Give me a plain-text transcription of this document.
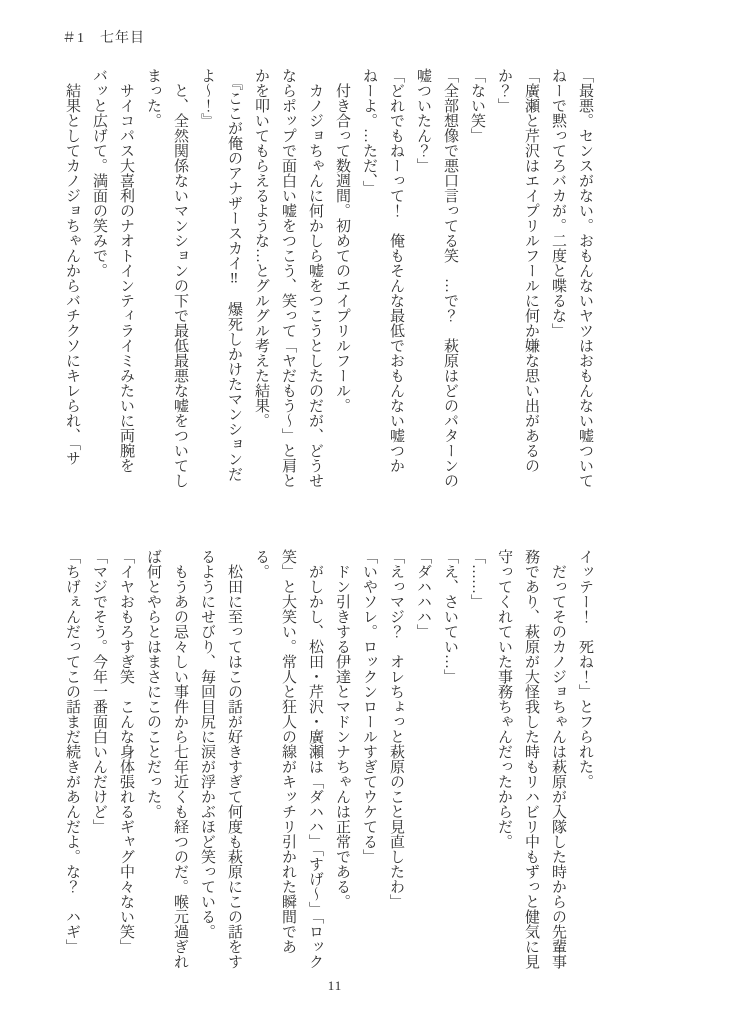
＃1　七年目

「最悪。センスがない。おもんないヤツはおもんない嘘ついてねーで黙ってろバカが。二度と喋るな」

「廣瀬と芹沢はエイプリルフールに何か嫌な思い出があるのか？」

「ない笑」

「全部想像で悪口言ってる笑　…で？　萩原はどのパターンの嘘ついたん？」

「どれでもねーって！　俺もそんな最低でおもんない嘘つかねーよ。…ただ、」

　付き合って数週間。初めてのエイプリルフール。

　カノジョちゃんに何かしら嘘をつこうとしたのだが、どうせならポップで面白い嘘をつこう、笑って「ヤだもう～」と肩とかを叩いてもらえるような…とグルグル考えた結果。

　『ここが俺のアナザースカイ‼　爆死しかけたマンションだよ～！』

　と、全然関係ないマンションの下で最低最悪な嘘をついてしまった。

　サイコパス大喜利のナオトインティライミみたいに両腕をバッと広げて。満面の笑みで。

　結果としてカノジョちゃんからバチクソにキレられ、「サ

イッテー！　死ね！」とフられた。

　だってそのカノジョちゃんは萩原が入隊した時からの先輩事務であり、萩原が大怪我した時もリハビリ中もずっと健気に見守ってくれていた事務ちゃんだったからだ。

「……」

「え、さいてい…」

「ダハハハ」

「えっマジ？　オレちょっと萩原のこと見直したわ」

「いやソレ。ロックンロールすぎてウケてる」

　ドン引きする伊達とマドンナちゃんは正常である。

　がしかし、松田・芹沢・廣瀬は「ダハハ」「すげ～」「ロック笑」と大笑い。常人と狂人の線がキッチリ引かれた瞬間である。

　松田に至ってはこの話が好きすぎて何度も萩原にこの話をするようにせびり、毎回目尻に涙が浮かぶほど笑っている。

　もうあの忌々しい事件から七年近くも経つのだ。喉元過ぎれば何とやらとはまさにこのことだった。

「イヤおもろすぎ笑　こんな身体張れるギャグ中々ない笑」

「マジでそう。今年一番面白いんだけど」

「ちげぇんだってこの話まだ続きがあんだよ。な？　ハギ」

11
